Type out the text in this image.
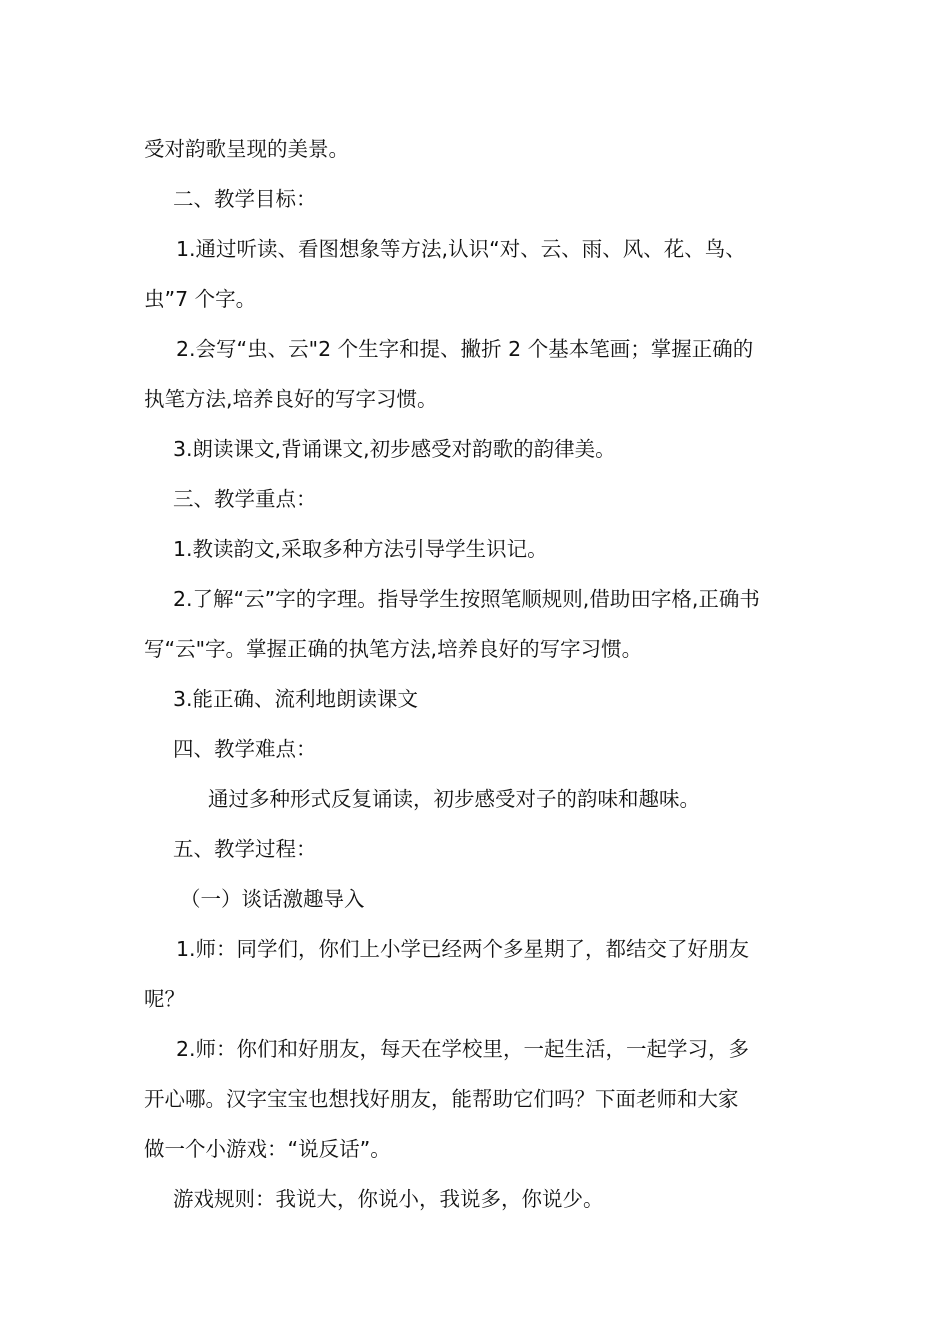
受对韵歌呈现的美景。
二、教学目标：
1.通过听读、看图想象等方法,认识“对、云、雨、风、花、鸟、
虫”7 个字。
2.会写“虫、云"2 个生字和提、撇折 2 个基本笔画；掌握正确的
执笔方法,培养良好的写字习惯。
3.朗读课文,背诵课文,初步感受对韵歌的韵律美。
三、教学重点：
1.教读韵文,采取多种方法引导学生识记。
2.了解“云”字的字理。指导学生按照笔顺规则,借助田字格,正确书
写“云"字。掌握正确的执笔方法,培养良好的写字习惯。
3.能正确、流利地朗读课文
四、教学难点：
通过多种形式反复诵读，初步感受对子的韵味和趣味。
五、教学过程：
（一）谈话激趣导入
1.师：同学们，你们上小学已经两个多星期了，都结交了好朋友
呢？
2.师：你们和好朋友，每天在学校里，一起生活，一起学习，多
开心哪。汉字宝宝也想找好朋友，能帮助它们吗？下面老师和大家
做一个小游戏：“说反话”。
游戏规则：我说大，你说小，我说多，你说少。
